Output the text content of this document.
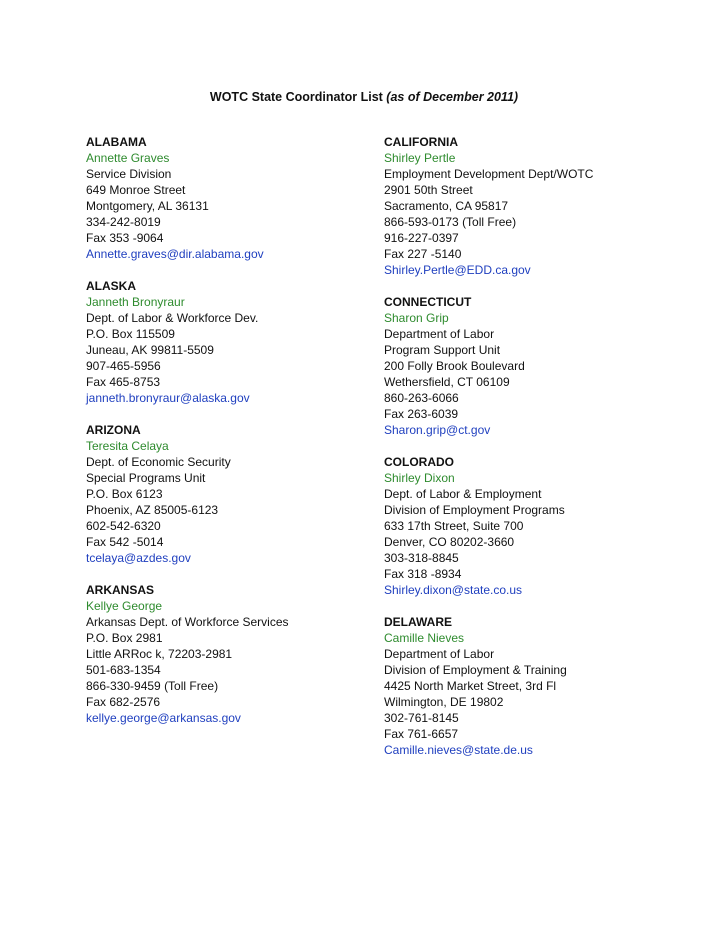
WOTC State Coordinator List (as of December 2011)
ALABAMA
Annette Graves
Service Division
649 Monroe Street
Montgomery, AL 36131
334-242-8019
Fax 353 -9064
Annette.graves@dir.alabama.gov
ALASKA
Janneth Bronyraur
Dept. of Labor & Workforce Dev.
P.O. Box 115509
Juneau, AK 99811-5509
907-465-5956
Fax 465-8753
janneth.bronyraur@alaska.gov
ARIZONA
Teresita Celaya
Dept. of Economic Security
Special Programs Unit
P.O. Box 6123
Phoenix, AZ 85005-6123
602-542-6320
Fax 542 -5014
tcelaya@azdes.gov
ARKANSAS
Kellye George
Arkansas Dept. of Workforce Services
P.O. Box 2981
Little ARRoc k, 72203-2981
501-683-1354
866-330-9459 (Toll Free)
Fax 682-2576
kellye.george@arkansas.gov
CALIFORNIA
Shirley Pertle
Employment Development Dept/WOTC
2901 50th Street
Sacramento, CA 95817
866-593-0173 (Toll Free)
916-227-0397
Fax 227 -5140
Shirley.Pertle@EDD.ca.gov
CONNECTICUT
Sharon Grip
Department of Labor
Program Support Unit
200 Folly Brook Boulevard
Wethersfield, CT 06109
860-263-6066
Fax 263-6039
Sharon.grip@ct.gov
COLORADO
Shirley Dixon
Dept. of Labor & Employment
Division of Employment Programs
633 17th Street, Suite 700
Denver, CO 80202-3660
303-318-8845
Fax 318 -8934
Shirley.dixon@state.co.us
DELAWARE
Camille Nieves
Department of Labor
Division of Employment & Training
4425 North Market Street, 3rd Fl
Wilmington, DE 19802
302-761-8145
Fax 761-6657
Camille.nieves@state.de.us
